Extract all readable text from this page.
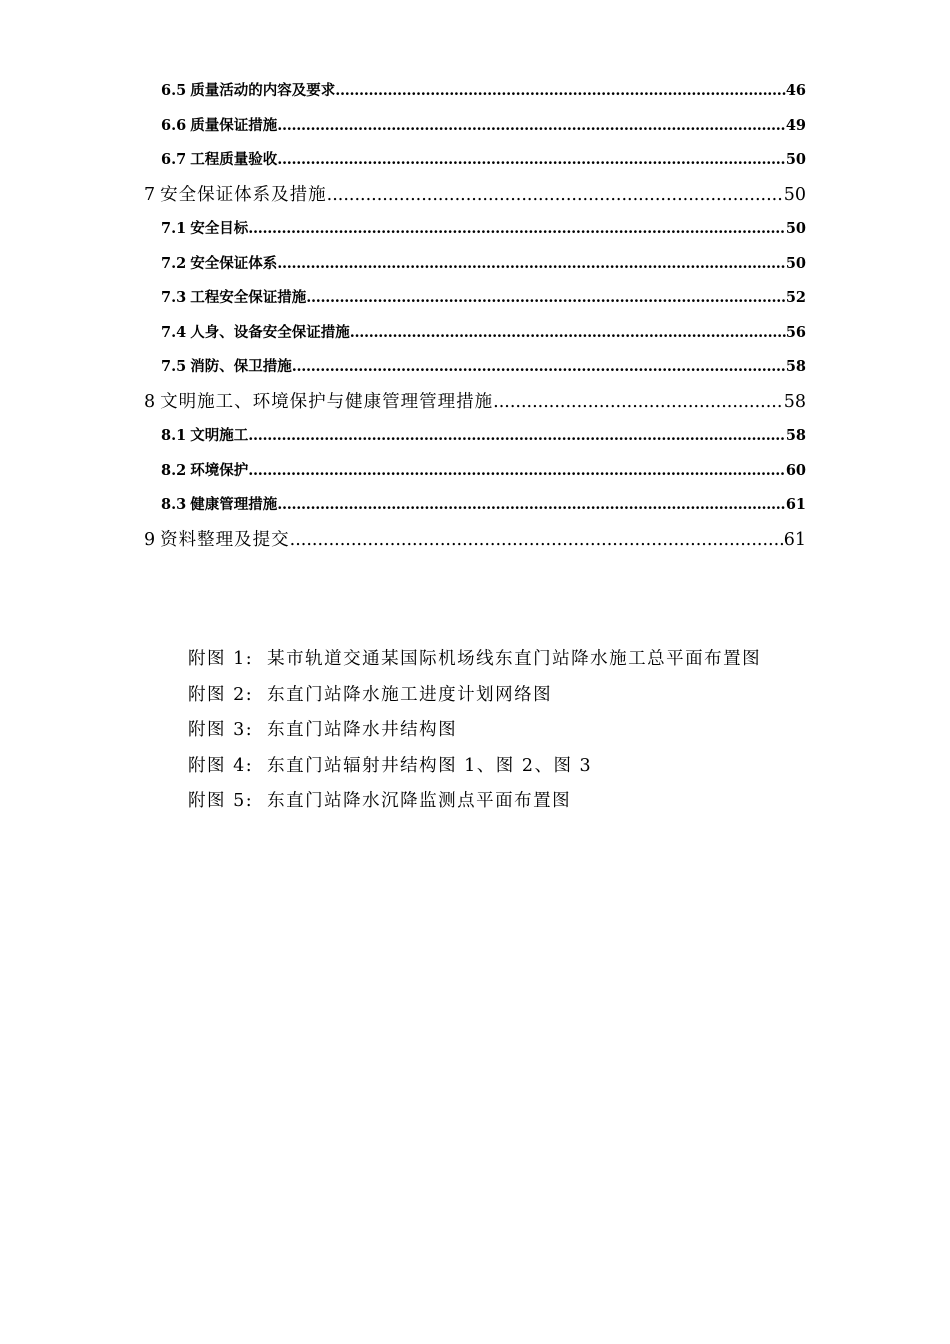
6.5 质量活动的内容及要求 .....	46
6.6 质量保证措施 .....	49
6.7 工程质量验收 .....	50
7 安全保证体系及措施 .....	50
7.1 安全目标 .....	50
7.2 安全保证体系 .....	50
7.3 工程安全保证措施 .....	52
7.4 人身、设备安全保证措施 .....	56
7.5 消防、保卫措施 .....	58
8 文明施工、环境保护与健康管理管理措施 .....	58
8.1 文明施工 .....	58
8.2 环境保护 .....	60
8.3 健康管理措施 .....	61
9 资料整理及提交 .....	61
附图 1: 某市轨道交通某国际机场线东直门站降水施工总平面布置图
附图 2: 东直门站降水施工进度计划网络图
附图 3: 东直门站降水井结构图
附图 4: 东直门站辐射井结构图 1、图 2、图 3
附图 5: 东直门站降水沉降监测点平面布置图
